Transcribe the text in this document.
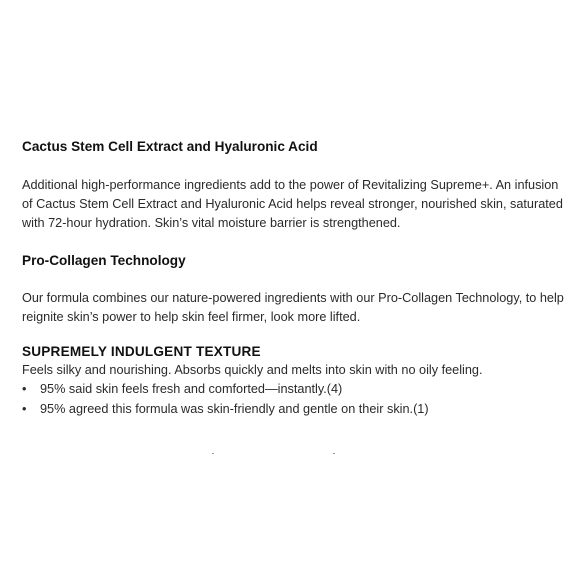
Cactus Stem Cell Extract and Hyaluronic Acid

Additional high-performance ingredients add to the power of Revitalizing Supreme+. An infusion of Cactus Stem Cell Extract and Hyaluronic Acid helps reveal stronger, nourished skin, saturated with 72-hour hydration. Skin’s vital moisture barrier is strengthened.

Pro-Collagen Technology

Our formula combines our nature-powered ingredients with our Pro-Collagen Technology, to help reignite skin’s power to help skin feel firmer, look more lifted.

SUPREMELY INDULGENT TEXTURE

Feels silky and nourishing. Absorbs quickly and melts into skin with no oily feeling.

•	95% said skin feels fresh and comforted—instantly.(4)
•	95% agreed this formula was skin-friendly and gentle on their skin.(1)
